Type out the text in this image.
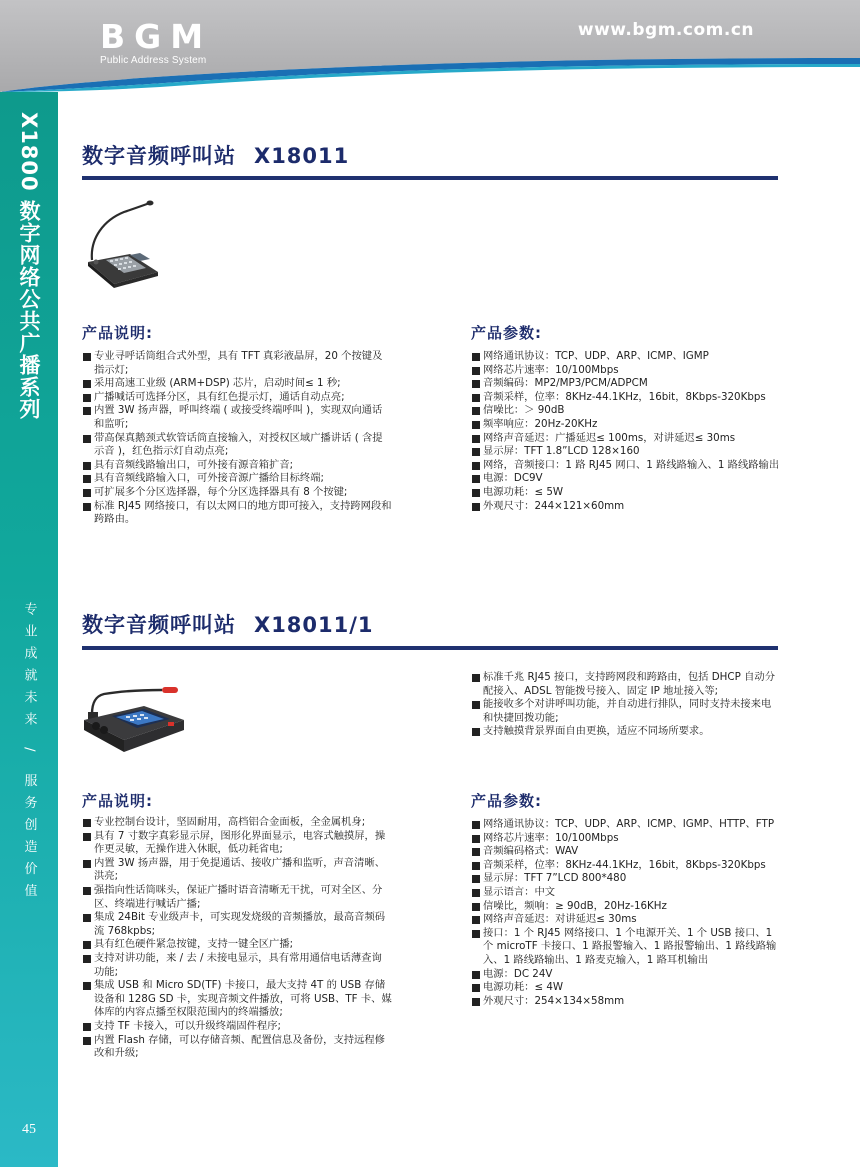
BGM
Public Address System
www.bgm.com.cn
X1800 数字网络公共广播系列
专业成就未来 / 服务创造价值
45
数字音频呼叫站 X18011
产品说明:
专业寻呼话筒组合式外型，具有 TFT 真彩液晶屏，20 个按键及指示灯;
采用高速工业级 (ARM+DSP) 芯片，启动时间≤ 1 秒;
广播喊话可选择分区，具有红色提示灯，通话自动点亮;
内置 3W 扬声器，呼叫终端 ( 或接受终端呼叫 )，实现双向通话和监听;
带高保真鹅颈式软管话筒直接输入，对授权区域广播讲话 ( 含提示音 )，红色指示灯自动点亮;
具有音频线路输出口，可外接有源音箱扩音;
具有音频线路输入口，可外接音源广播给目标终端;
可扩展多个分区选择器，每个分区选择器具有 8 个按键;
标准 RJ45 网络接口，有以太网口的地方即可接入，支持跨网段和跨路由。
产品参数:
网络通讯协议：TCP、UDP、ARP、ICMP、IGMP
网络芯片速率：10/100Mbps
音频编码：MP2/MP3/PCM/ADPCM
音频采样，位率：8KHz-44.1KHz，16bit，8Kbps-320Kbps
信噪比：＞ 90dB
频率响应：20Hz-20KHz
网络声音延迟：广播延迟≤ 100ms，对讲延迟≤ 30ms
显示屏：TFT 1.8”LCD 128×160
网络，音频接口：1 路 RJ45 网口、1 路线路输入、1 路线路输出
电源：DC9V
电源功耗：≤ 5W
外观尺寸：244×121×60mm
数字音频呼叫站 X18011/1
标准千兆 RJ45 接口，支持跨网段和跨路由，包括 DHCP 自动分配接入、ADSL 智能拨号接入、固定 IP 地址接入等;
能接收多个对讲呼叫功能，并自动进行排队，同时支持未接来电和快捷回拨功能;
支持触摸背景界面自由更换，适应不同场所要求。
产品说明:
专业控制台设计，坚固耐用，高档铝合金面板，全金属机身;
具有 7 寸数字真彩显示屏，图形化界面显示，电容式触摸屏，操作更灵敏，无操作进入休眠，低功耗省电;
内置 3W 扬声器，用于免提通话、接收广播和监听，声音清晰、洪亮;
强指向性话筒咪头，保证广播时语音清晰无干扰，可对全区、分区、终端进行喊话广播;
集成 24Bit 专业级声卡，可实现发烧级的音频播放，最高音频码流 768kpbs;
具有红色硬件紧急按键，支持一键全区广播;
支持对讲功能，来 / 去 / 未接电显示，具有常用通信电话薄查询功能;
集成 USB 和 Micro SD(TF) 卡接口，最大支持 4T 的 USB 存储设备和 128G SD 卡，实现音频文件播放，可将 USB、TF 卡、媒体库的内容点播至权限范围内的终端播放;
支持 TF 卡接入，可以升级终端固件程序;
内置 Flash 存储，可以存储音频、配置信息及备份，支持远程修改和升级;
产品参数:
网络通讯协议：TCP、UDP、ARP、ICMP、IGMP、HTTP、FTP
网络芯片速率：10/100Mbps
音频编码格式：WAV
音频采样，位率：8KHz-44.1KHz，16bit，8Kbps-320Kbps
显示屏：TFT 7”LCD 800*480
显示语言：中文
信噪比，频响：≥ 90dB，20Hz-16KHz
网络声音延迟：对讲延迟≤ 30ms
接口：1 个 RJ45 网络接口、1 个电源开关、1 个 USB 接口、1 个 microTF 卡接口、1 路报警输入、1 路报警输出、1 路线路输入、1 路线路输出、1 路麦克输入，1 路耳机输出
电源：DC 24V
电源功耗：≤ 4W
外观尺寸：254×134×58mm
